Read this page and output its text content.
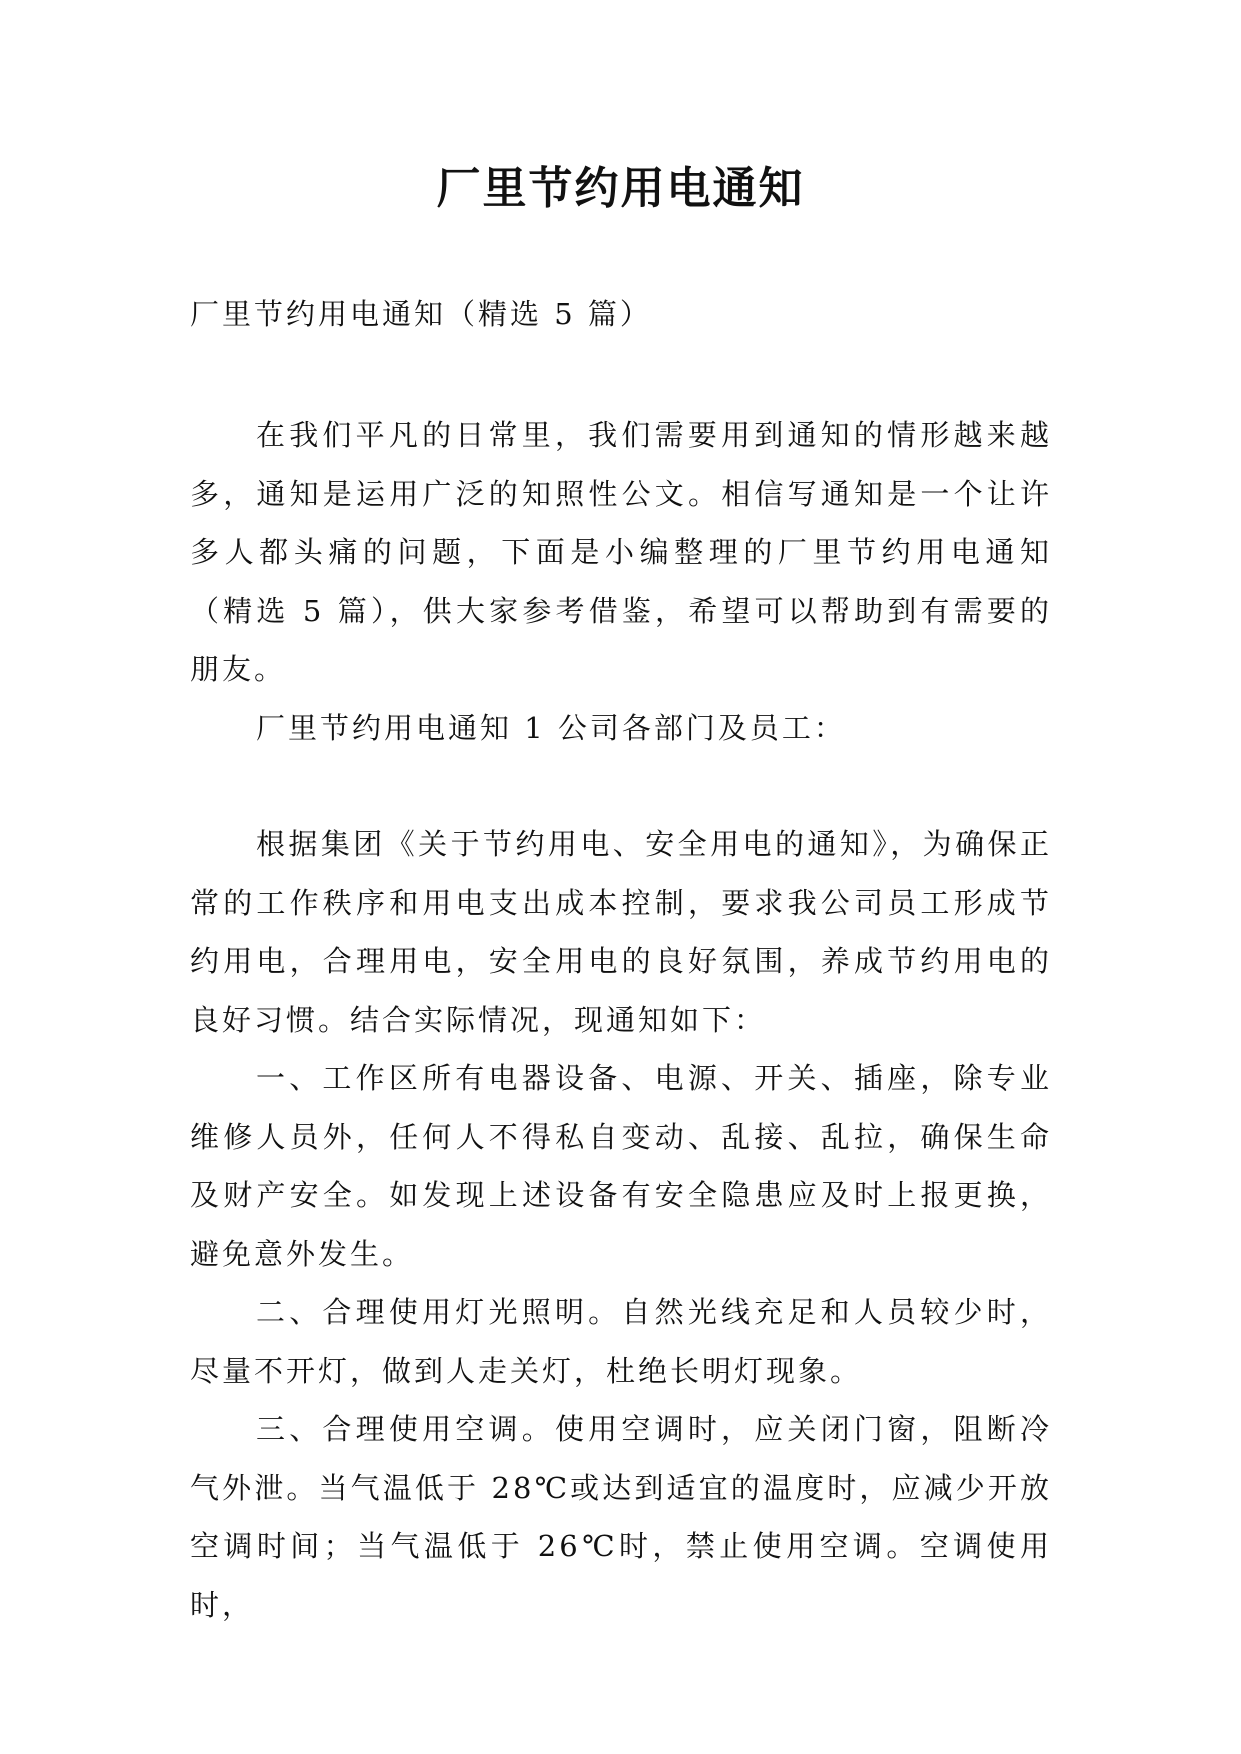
厂里节约用电通知
厂里节约用电通知（精选 5 篇）

在我们平凡的日常里，我们需要用到通知的情形越来越多，通知是运用广泛的知照性公文。相信写通知是一个让许多人都头痛的问题，下面是小编整理的厂里节约用电通知（精选 5 篇），供大家参考借鉴，希望可以帮助到有需要的朋友。

厂里节约用电通知 1 公司各部门及员工：

根据集团《关于节约用电、安全用电的通知》，为确保正常的工作秩序和用电支出成本控制，要求我公司员工形成节约用电，合理用电，安全用电的良好氛围，养成节约用电的良好习惯。结合实际情况，现通知如下：

一、工作区所有电器设备、电源、开关、插座，除专业维修人员外，任何人不得私自变动、乱接、乱拉，确保生命及财产安全。如发现上述设备有安全隐患应及时上报更换，避免意外发生。

二、合理使用灯光照明。自然光线充足和人员较少时，尽量不开灯，做到人走关灯，杜绝长明灯现象。

三、合理使用空调。使用空调时，应关闭门窗，阻断冷气外泄。当气温低于 28℃或达到适宜的温度时，应减少开放空调时间；当气温低于 26℃时，禁止使用空调。空调使用时，
